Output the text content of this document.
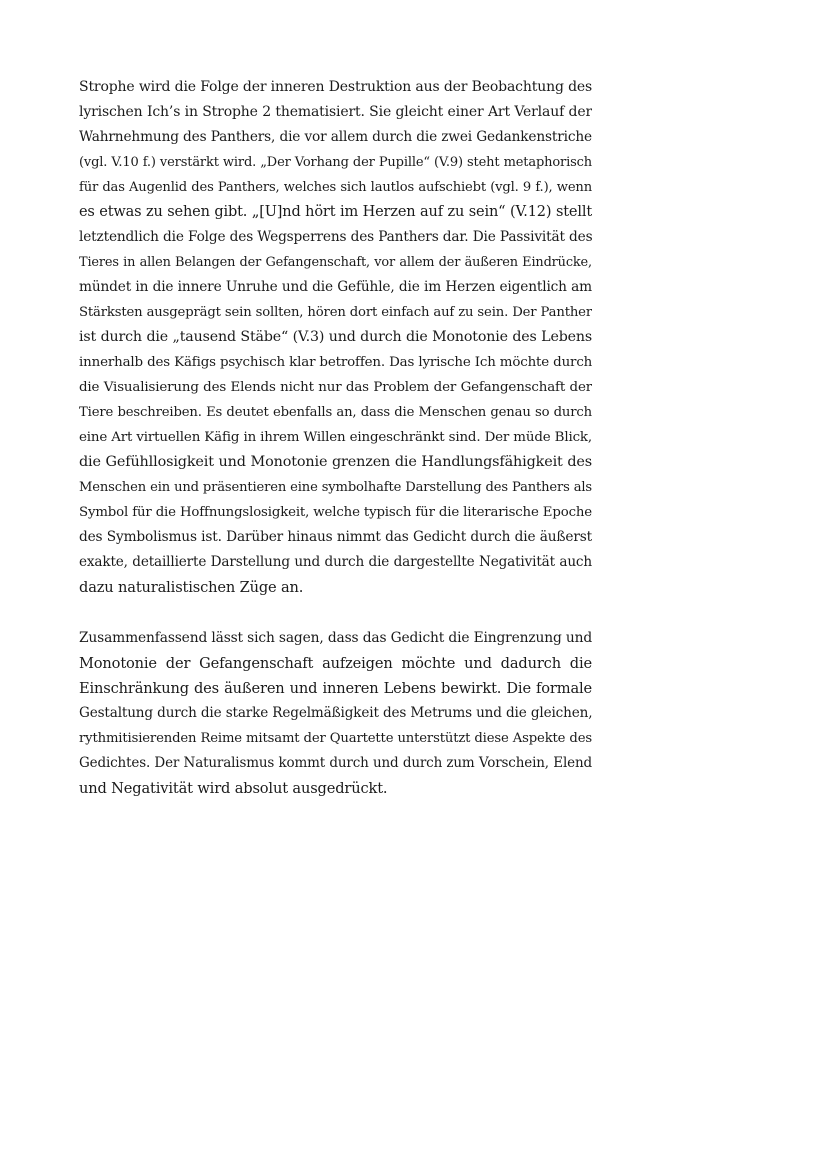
Strophe wird die Folge der inneren Destruktion aus der Beobachtung des
lyrischen Ich’s in Strophe 2 thematisiert. Sie gleicht einer Art Verlauf der
Wahrnehmung des Panthers, die vor allem durch die zwei Gedankenstriche
(vgl. V.10 f.) verstärkt wird. „Der Vorhang der Pupille“ (V.9) steht metaphorisch
für das Augenlid des Panthers, welches sich lautlos aufschiebt (vgl. 9 f.), wenn
es etwas zu sehen gibt. „[U]nd hört im Herzen auf zu sein“ (V.12) stellt
letztendlich die Folge des Wegsperrens des Panthers dar. Die Passivität des
Tieres in allen Belangen der Gefangenschaft, vor allem der äußeren Eindrücke,
mündet in die innere Unruhe und die Gefühle, die im Herzen eigentlich am
Stärksten ausgeprägt sein sollten, hören dort einfach auf zu sein. Der Panther
ist durch die „tausend Stäbe“ (V.3) und durch die Monotonie des Lebens
innerhalb des Käfigs psychisch klar betroffen. Das lyrische Ich möchte durch
die Visualisierung des Elends nicht nur das Problem der Gefangenschaft der
Tiere beschreiben. Es deutet ebenfalls an, dass die Menschen genau so durch
eine Art virtuellen Käfig in ihrem Willen eingeschränkt sind. Der müde Blick,
die Gefühllosigkeit und Monotonie grenzen die Handlungsfähigkeit des
Menschen ein und präsentieren eine symbolhafte Darstellung des Panthers als
Symbol für die Hoffnungslosigkeit, welche typisch für die literarische Epoche
des Symbolismus ist. Darüber hinaus nimmt das Gedicht durch die äußerst
exakte, detaillierte Darstellung und durch die dargestellte Negativität auch
dazu naturalistischen Züge an.
Zusammenfassend lässt sich sagen, dass das Gedicht die Eingrenzung und
Monotonie der Gefangenschaft aufzeigen möchte und dadurch die
Einschränkung des äußeren und inneren Lebens bewirkt. Die formale
Gestaltung durch die starke Regelmäßigkeit des Metrums und die gleichen,
rythmitisierenden Reime mitsamt der Quartette unterstützt diese Aspekte des
Gedichtes. Der Naturalismus kommt durch und durch zum Vorschein, Elend
und Negativität wird absolut ausgedrückt.
